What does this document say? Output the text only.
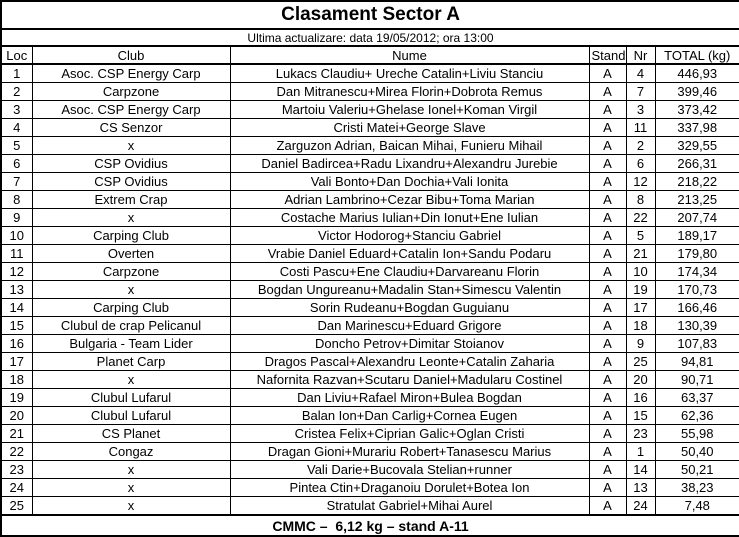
Clasament Sector A					
Ultima actualizare: data 19/05/2012; ora 13:00					
Loc	Club	Nume	Stand	Nr	TOTAL (kg)
1	Asoc. CSP Energy Carp	Lukacs Claudiu+ Ureche Catalin+Liviu Stanciu	A	4	446,93
2	Carpzone	Dan Mitranescu+Mirea Florin+Dobrota Remus	A	7	399,46
3	Asoc. CSP Energy Carp	Martoiu Valeriu+Ghelase Ionel+Koman Virgil	A	3	373,42
4	CS Senzor	Cristi Matei+George Slave	A	11	337,98
5	x	Zarguzon Adrian, Baican Mihai, Funieru Mihail	A	2	329,55
6	CSP Ovidius	Daniel Badircea+Radu Lixandru+Alexandru Jurebie	A	6	266,31
7	CSP Ovidius	Vali Bonto+Dan Dochia+Vali Ionita	A	12	218,22
8	Extrem Crap	Adrian Lambrino+Cezar Bibu+Toma Marian	A	8	213,25
9	x	Costache Marius Iulian+Din Ionut+Ene Iulian	A	22	207,74
10	Carping Club	Victor Hodorog+Stanciu Gabriel	A	5	189,17
11	Overten	Vrabie Daniel Eduard+Catalin Ion+Sandu Podaru	A	21	179,80
12	Carpzone	Costi Pascu+Ene Claudiu+Darvareanu Florin	A	10	174,34
13	x	Bogdan Ungureanu+Madalin Stan+Simescu Valentin	A	19	170,73
14	Carping Club	Sorin Rudeanu+Bogdan Guguianu	A	17	166,46
15	Clubul de crap Pelicanul	Dan Marinescu+Eduard Grigore	A	18	130,39
16	Bulgaria - Team Lider	Doncho Petrov+Dimitar Stoianov	A	9	107,83
17	Planet Carp	Dragos Pascal+Alexandru Leonte+Catalin Zaharia	A	25	94,81
18	x	Nafornita Razvan+Scutaru Daniel+Madularu Costinel	A	20	90,71
19	Clubul Lufarul	Dan Liviu+Rafael Miron+Bulea Bogdan	A	16	63,37
20	Clubul Lufarul	Balan Ion+Dan Carlig+Cornea Eugen	A	15	62,36
21	CS Planet	Cristea Felix+Ciprian Galic+Oglan Cristi	A	23	55,98
22	Congaz	Dragan Gioni+Murariu Robert+Tanasescu Marius	A	1	50,40
23	x	Vali Darie+Bucovala Stelian+runner	A	14	50,21
24	x	Pintea Ctin+Draganoiu Dorulet+Botea Ion	A	13	38,23
25	x	Stratulat Gabriel+Mihai Aurel	A	24	7,48
CMMC –  6,12 kg – stand A-11					
